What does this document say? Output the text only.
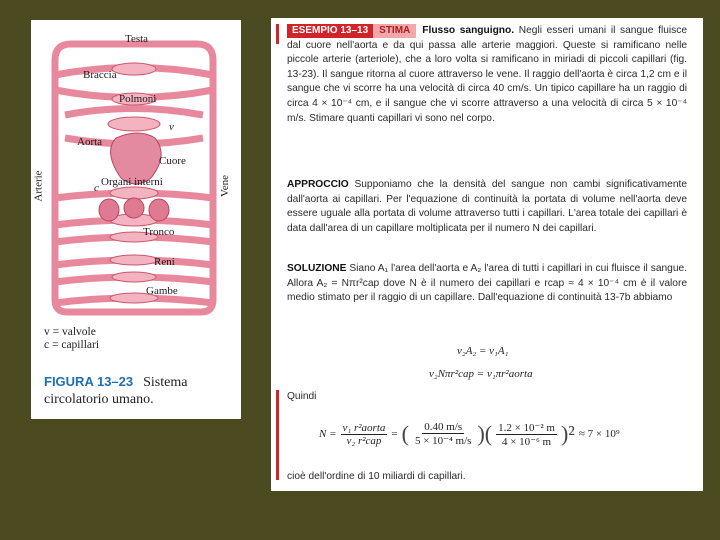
Testa
Braccia
Polmoni
Aorta
Cuore
Organi interni
Tronco
Reni
Gambe
Arterie	Vene
c
v
v = valvole
c = capillari
FIGURA 13–23 Sistema circolatorio umano.
ESEMPIO 13–13 STIMA Flusso sanguigno. Negli esseri umani il sangue fluisce dal cuore nell'aorta e da qui passa alle arterie maggiori. Queste si ramificano nelle piccole arterie (arteriole), che a loro volta si ramificano in miriadi di piccoli capillari (fig. 13-23). Il sangue ritorna al cuore attraverso le vene. Il raggio dell'aorta è circa 1,2 cm e il sangue che vi scorre ha una velocità di circa 40 cm/s. Un tipico capillare ha un raggio di circa 4 × 10⁻⁴ cm, e il sangue che vi scorre attraverso a una velocità di circa 5 × 10⁻⁴ m/s. Stimare quanti capillari vi sono nel corpo.
APPROCCIO Supponiamo che la densità del sangue non cambi significativamente dall'aorta ai capillari. Per l'equazione di continuità la portata di volume nell'aorta deve essere uguale alla portata di volume attraverso tutti i capillari. L'area totale dei capillari è data dall'area di un capillare moltiplicata per il numero N dei capillari.
SOLUZIONE Siano A₁ l'area dell'aorta e A₂ l'area di tutti i capillari in cui fluisce il sangue. Allora A₂ = Nπr²cap dove N è il numero dei capillari e rcap ≈ 4 × 10⁻⁴ cm è il valore medio stimato per il raggio di un capillare. Dall'equazione di continuità 13-7b abbiamo
v₂A₂ = v₁A₁
v₂Nπr²cap = v₁πr²aorta
Quindi
N =
v₁ r²aorta
v₂ r²cap
= ( $\frac{0.40 m/s}{\text{5 × 10⁻⁴ m/s}}$ )( $\frac{\text{1.2 × 10⁻² m}}{\text{4 × 10⁻⁶ m}} )^2 \approx 7 \times 10^9$
cioè dell'ordine di 10 miliardi di capillari.
